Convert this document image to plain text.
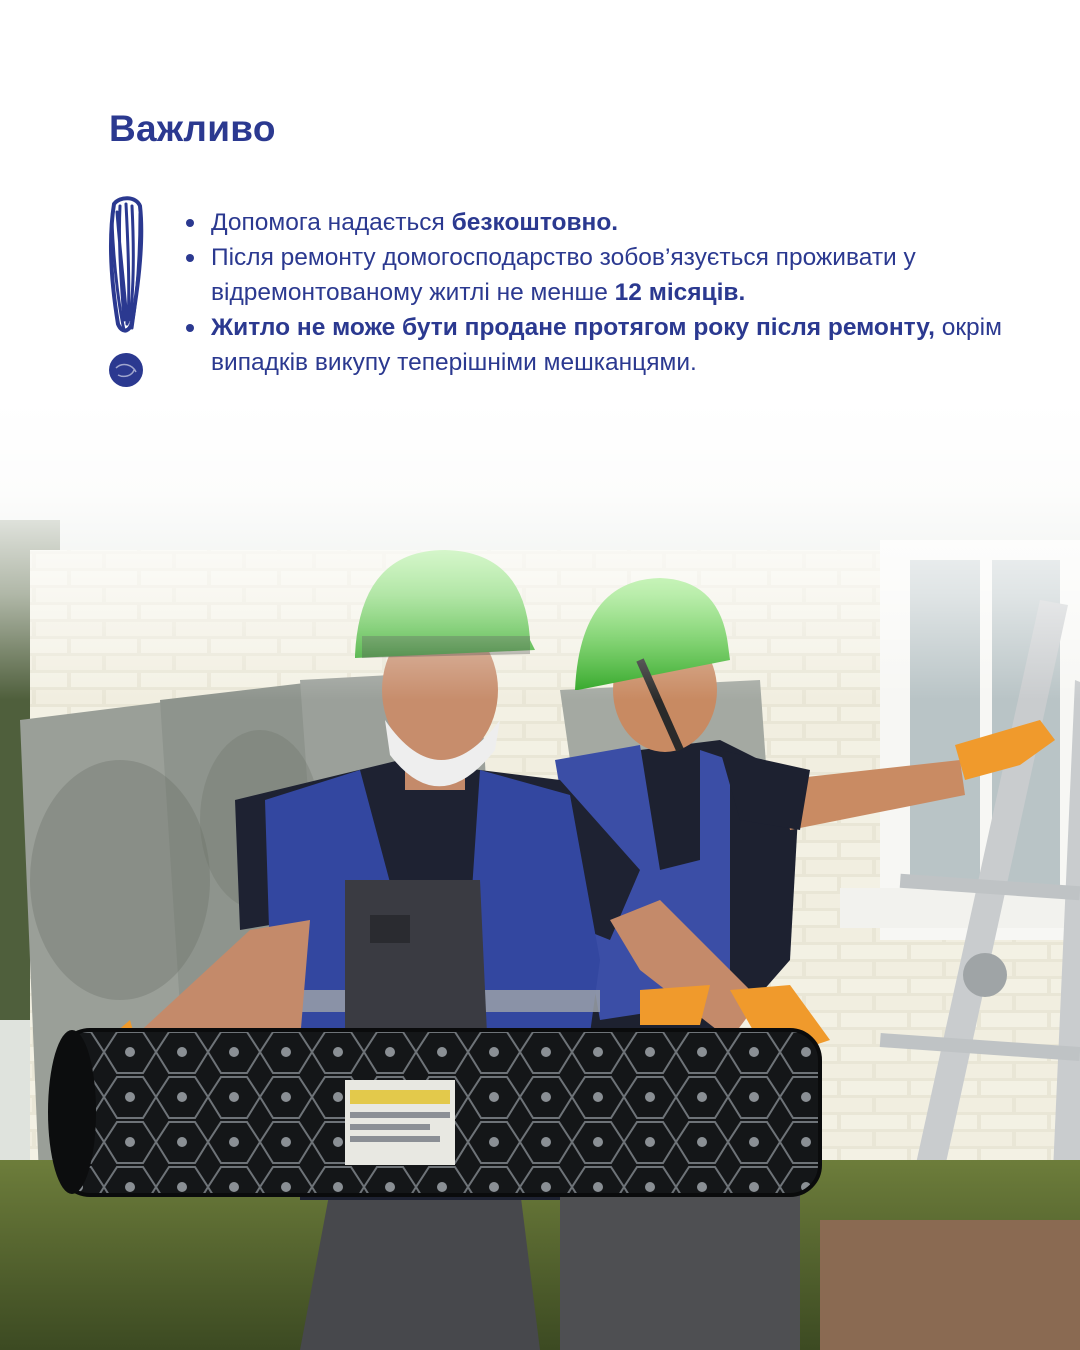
Важливо
Допомога надається безкоштовно.
Після ремонту домогосподарство зобов’язується проживати у відремонтованому житлі не менше 12 місяців.
Житло не може бути продане протягом року після ремонту, окрім випадків викупу теперішніми мешканцями.
